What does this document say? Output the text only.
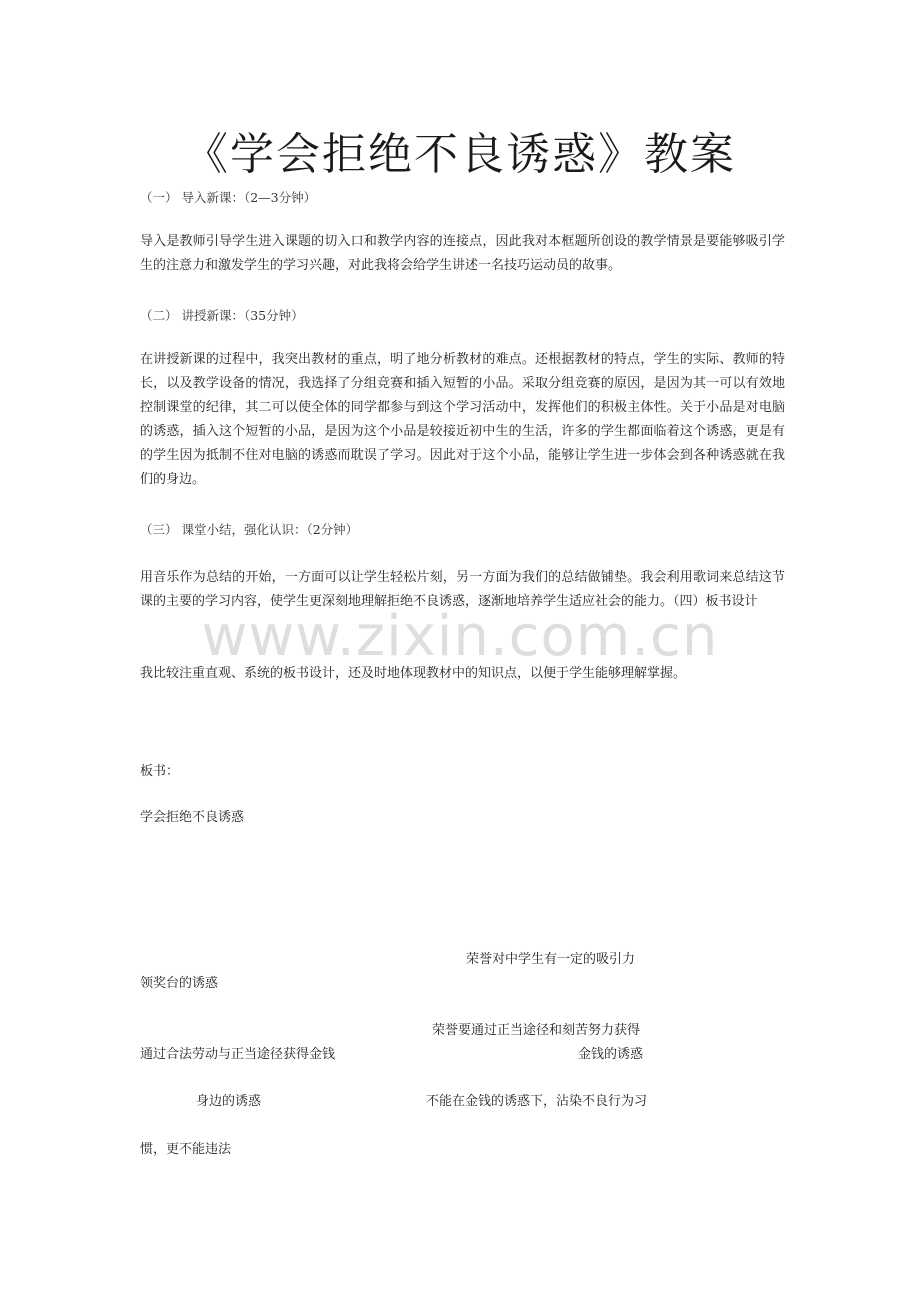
《学会拒绝不良诱惑》教案
（一） 导入新课：（2—3分钟）
导入是教师引导学生进入课题的切入口和教学内容的连接点，因此我对本框题所创设的教学情景是要能够吸引学生的注意力和激发学生的学习兴趣，对此我将会给学生讲述一名技巧运动员的故事。
（二） 讲授新课：（35分钟）
在讲授新课的过程中，我突出教材的重点，明了地分析教材的难点。还根据教材的特点，学生的实际、教师的特长，以及教学设备的情况，我选择了分组竞赛和插入短暂的小品。采取分组竞赛的原因，是因为其一可以有效地控制课堂的纪律，其二可以使全体的同学都参与到这个学习活动中，发挥他们的积极主体性。关于小品是对电脑的诱惑，插入这个短暂的小品，是因为这个小品是较接近初中生的生活，许多的学生都面临着这个诱惑，更是有的学生因为抵制不住对电脑的诱惑而耽误了学习。因此对于这个小品，能够让学生进一步体会到各种诱惑就在我们的身边。
（三） 课堂小结，强化认识：（2分钟）
用音乐作为总结的开始，一方面可以让学生轻松片刻，另一方面为我们的总结做铺垫。我会利用歌词来总结这节课的主要的学习内容，使学生更深刻地理解拒绝不良诱惑，逐渐地培养学生适应社会的能力。（四）板书设计
我比较注重直观、系统的板书设计，还及时地体现教材中的知识点，以便于学生能够理解掌握。
板书：
学会拒绝不良诱惑
荣誉对中学生有一定的吸引力
领奖台的诱惑
荣誉要通过正当途径和刻苦努力获得
通过合法劳动与正当途径获得金钱	金钱的诱惑
身边的诱惑	不能在金钱的诱惑下，沾染不良行为习
惯，更不能违法
www.zixin.com.cn
